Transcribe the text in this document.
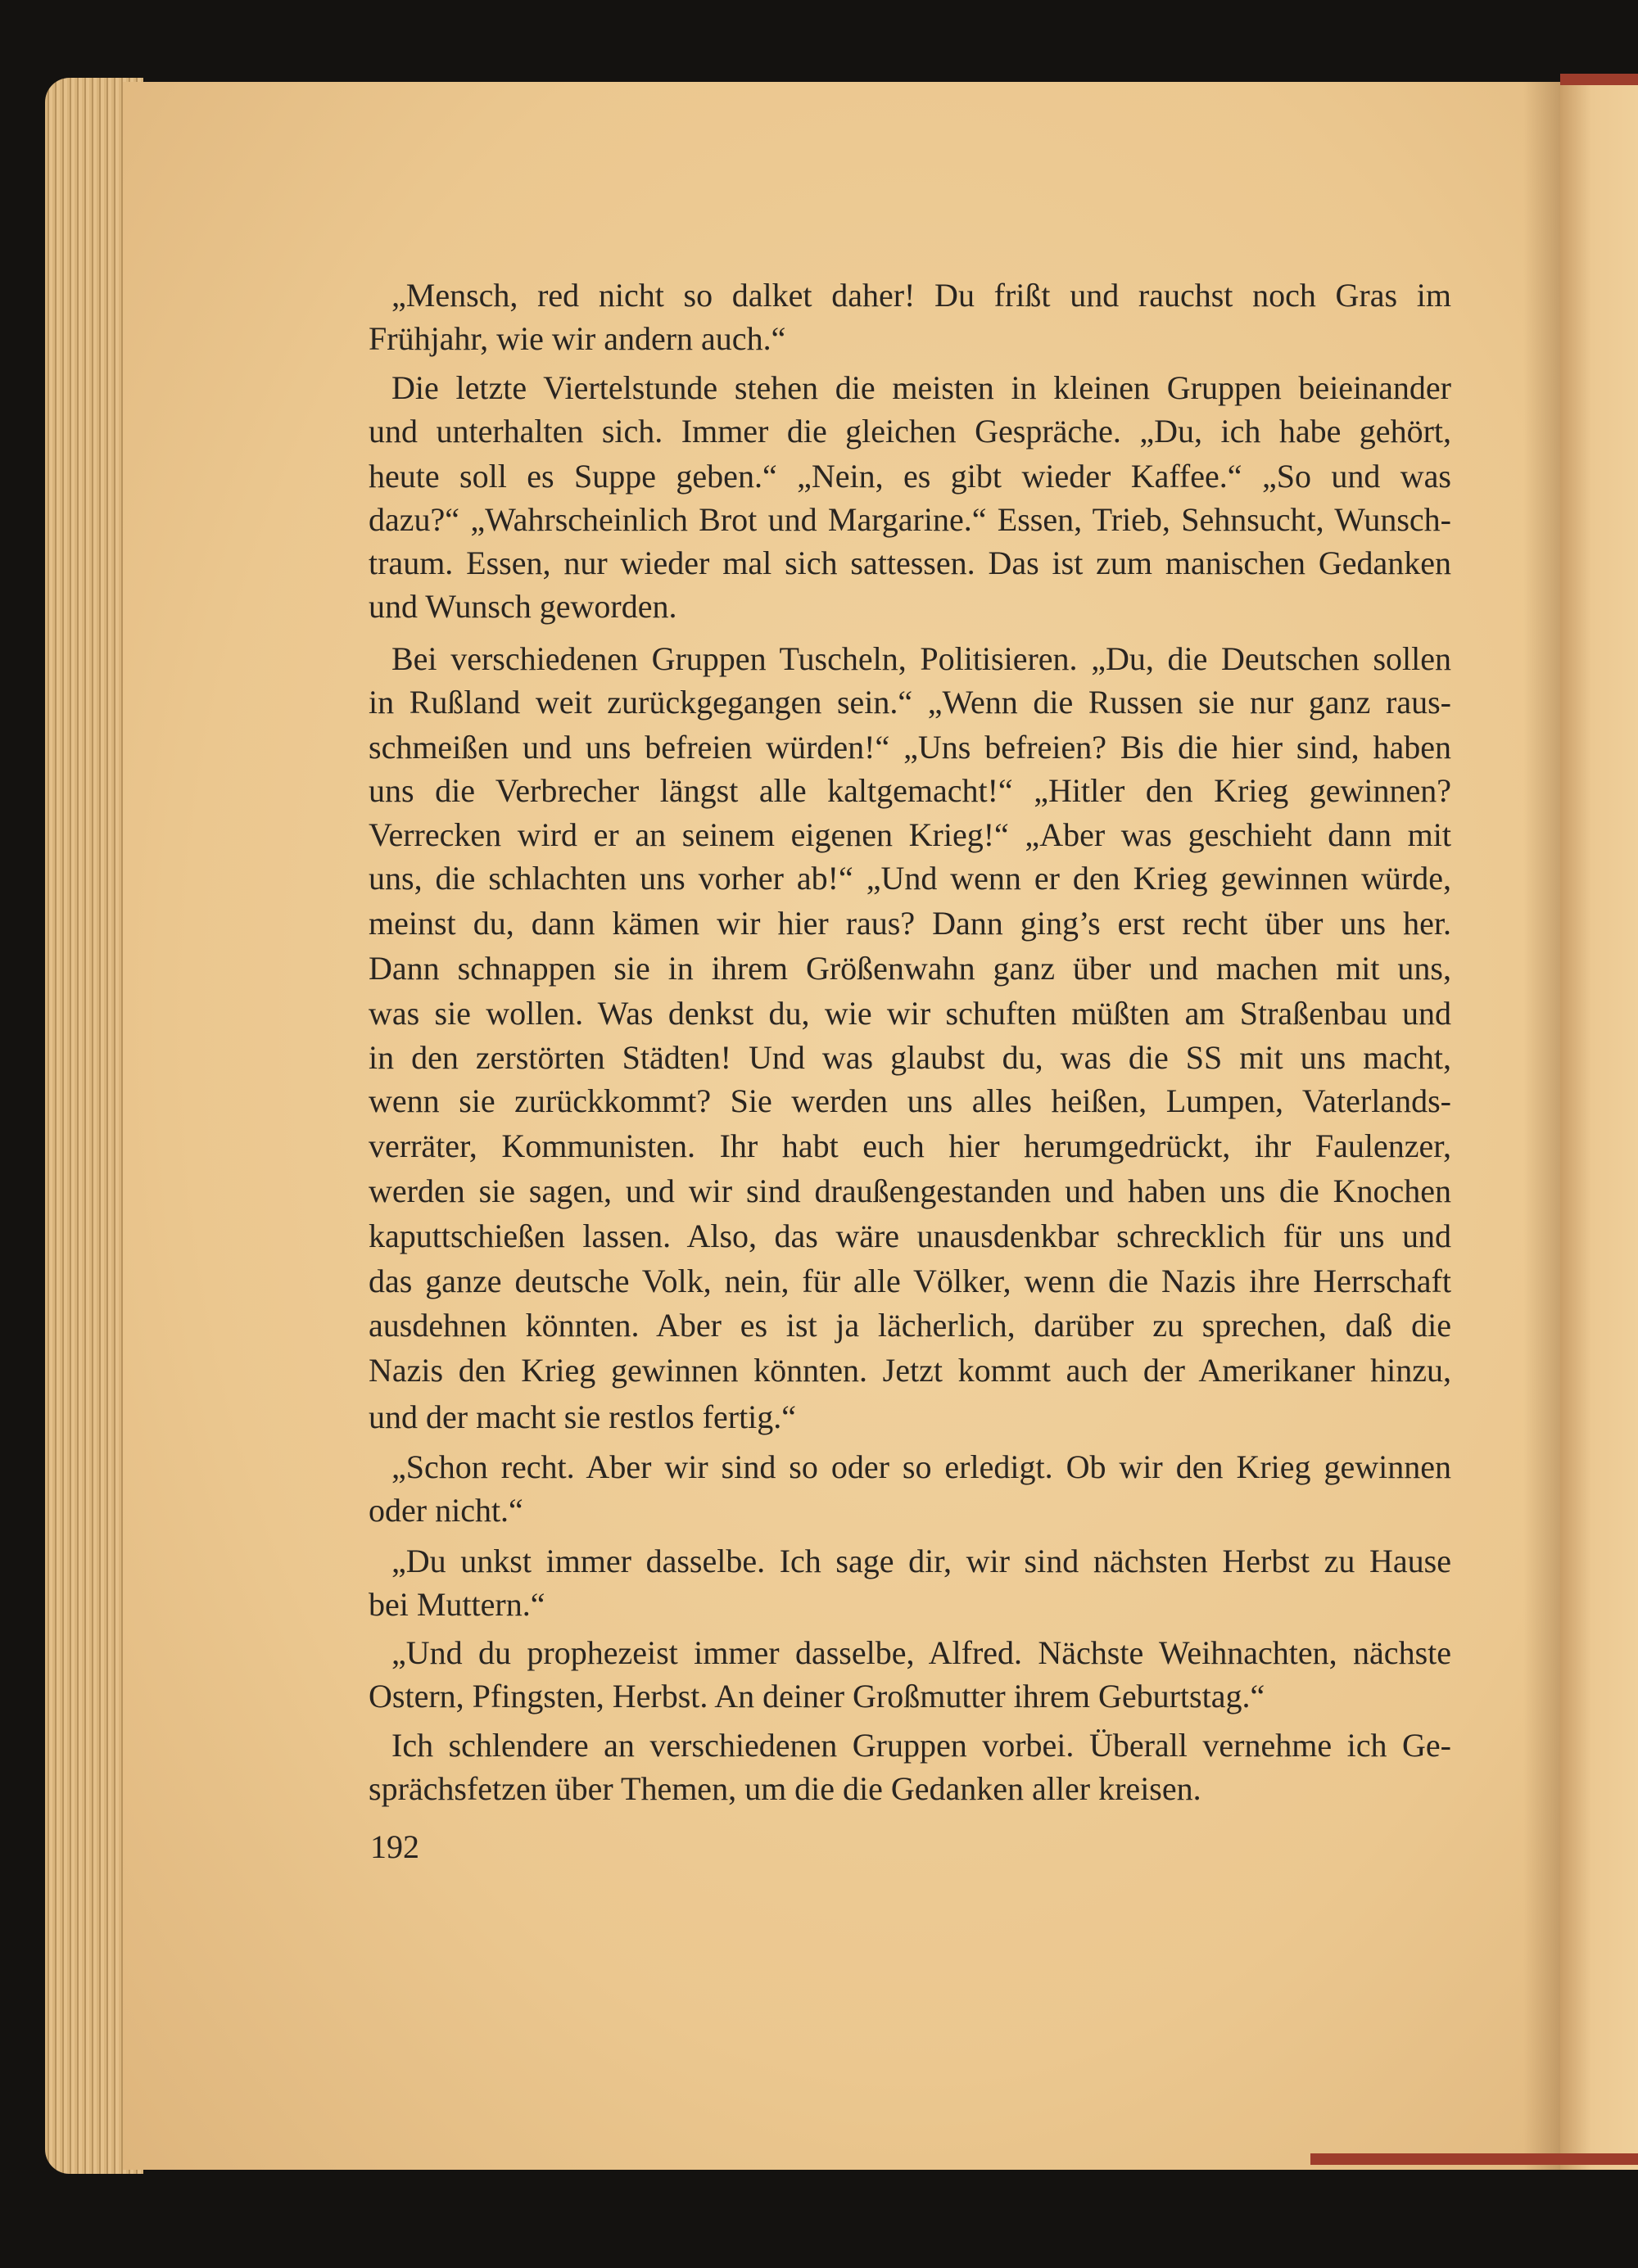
„Mensch, red nicht so dalket daher! Du frißt und rauchst noch Gras im
Frühjahr, wie wir andern auch.“
Die letzte Viertelstunde stehen die meisten in kleinen Gruppen beieinander
und unterhalten sich. Immer die gleichen Gespräche. „Du, ich habe gehört,
heute soll es Suppe geben.“ „Nein, es gibt wieder Kaffee.“ „So und was
dazu?“ „Wahrscheinlich Brot und Margarine.“ Essen, Trieb, Sehnsucht, Wunsch-
traum. Essen, nur wieder mal sich sattessen. Das ist zum manischen Gedanken
und Wunsch geworden.
Bei verschiedenen Gruppen Tuscheln, Politisieren. „Du, die Deutschen sollen
in Rußland weit zurückgegangen sein.“ „Wenn die Russen sie nur ganz raus-
schmeißen und uns befreien würden!“ „Uns befreien? Bis die hier sind, haben
uns die Verbrecher längst alle kaltgemacht!“ „Hitler den Krieg gewinnen?
Verrecken wird er an seinem eigenen Krieg!“ „Aber was geschieht dann mit
uns, die schlachten uns vorher ab!“ „Und wenn er den Krieg gewinnen würde,
meinst du, dann kämen wir hier raus? Dann ging’s erst recht über uns her.
Dann schnappen sie in ihrem Größenwahn ganz über und machen mit uns,
was sie wollen. Was denkst du, wie wir schuften müßten am Straßenbau und
in den zerstörten Städten! Und was glaubst du, was die SS mit uns macht,
wenn sie zurückkommt? Sie werden uns alles heißen, Lumpen, Vaterlands-
verräter, Kommunisten. Ihr habt euch hier herumgedrückt, ihr Faulenzer,
werden sie sagen, und wir sind draußengestanden und haben uns die Knochen
kaputtschießen lassen. Also, das wäre unausdenkbar schrecklich für uns und
das ganze deutsche Volk, nein, für alle Völker, wenn die Nazis ihre Herrschaft
ausdehnen könnten. Aber es ist ja lächerlich, darüber zu sprechen, daß die
Nazis den Krieg gewinnen könnten. Jetzt kommt auch der Amerikaner hinzu,
und der macht sie restlos fertig.“
„Schon recht. Aber wir sind so oder so erledigt. Ob wir den Krieg gewinnen
oder nicht.“
„Du unkst immer dasselbe. Ich sage dir, wir sind nächsten Herbst zu Hause
bei Muttern.“
„Und du prophezeist immer dasselbe, Alfred. Nächste Weihnachten, nächste
Ostern, Pfingsten, Herbst. An deiner Großmutter ihrem Geburtstag.“
Ich schlendere an verschiedenen Gruppen vorbei. Überall vernehme ich Ge-
sprächsfetzen über Themen, um die die Gedanken aller kreisen.
192
